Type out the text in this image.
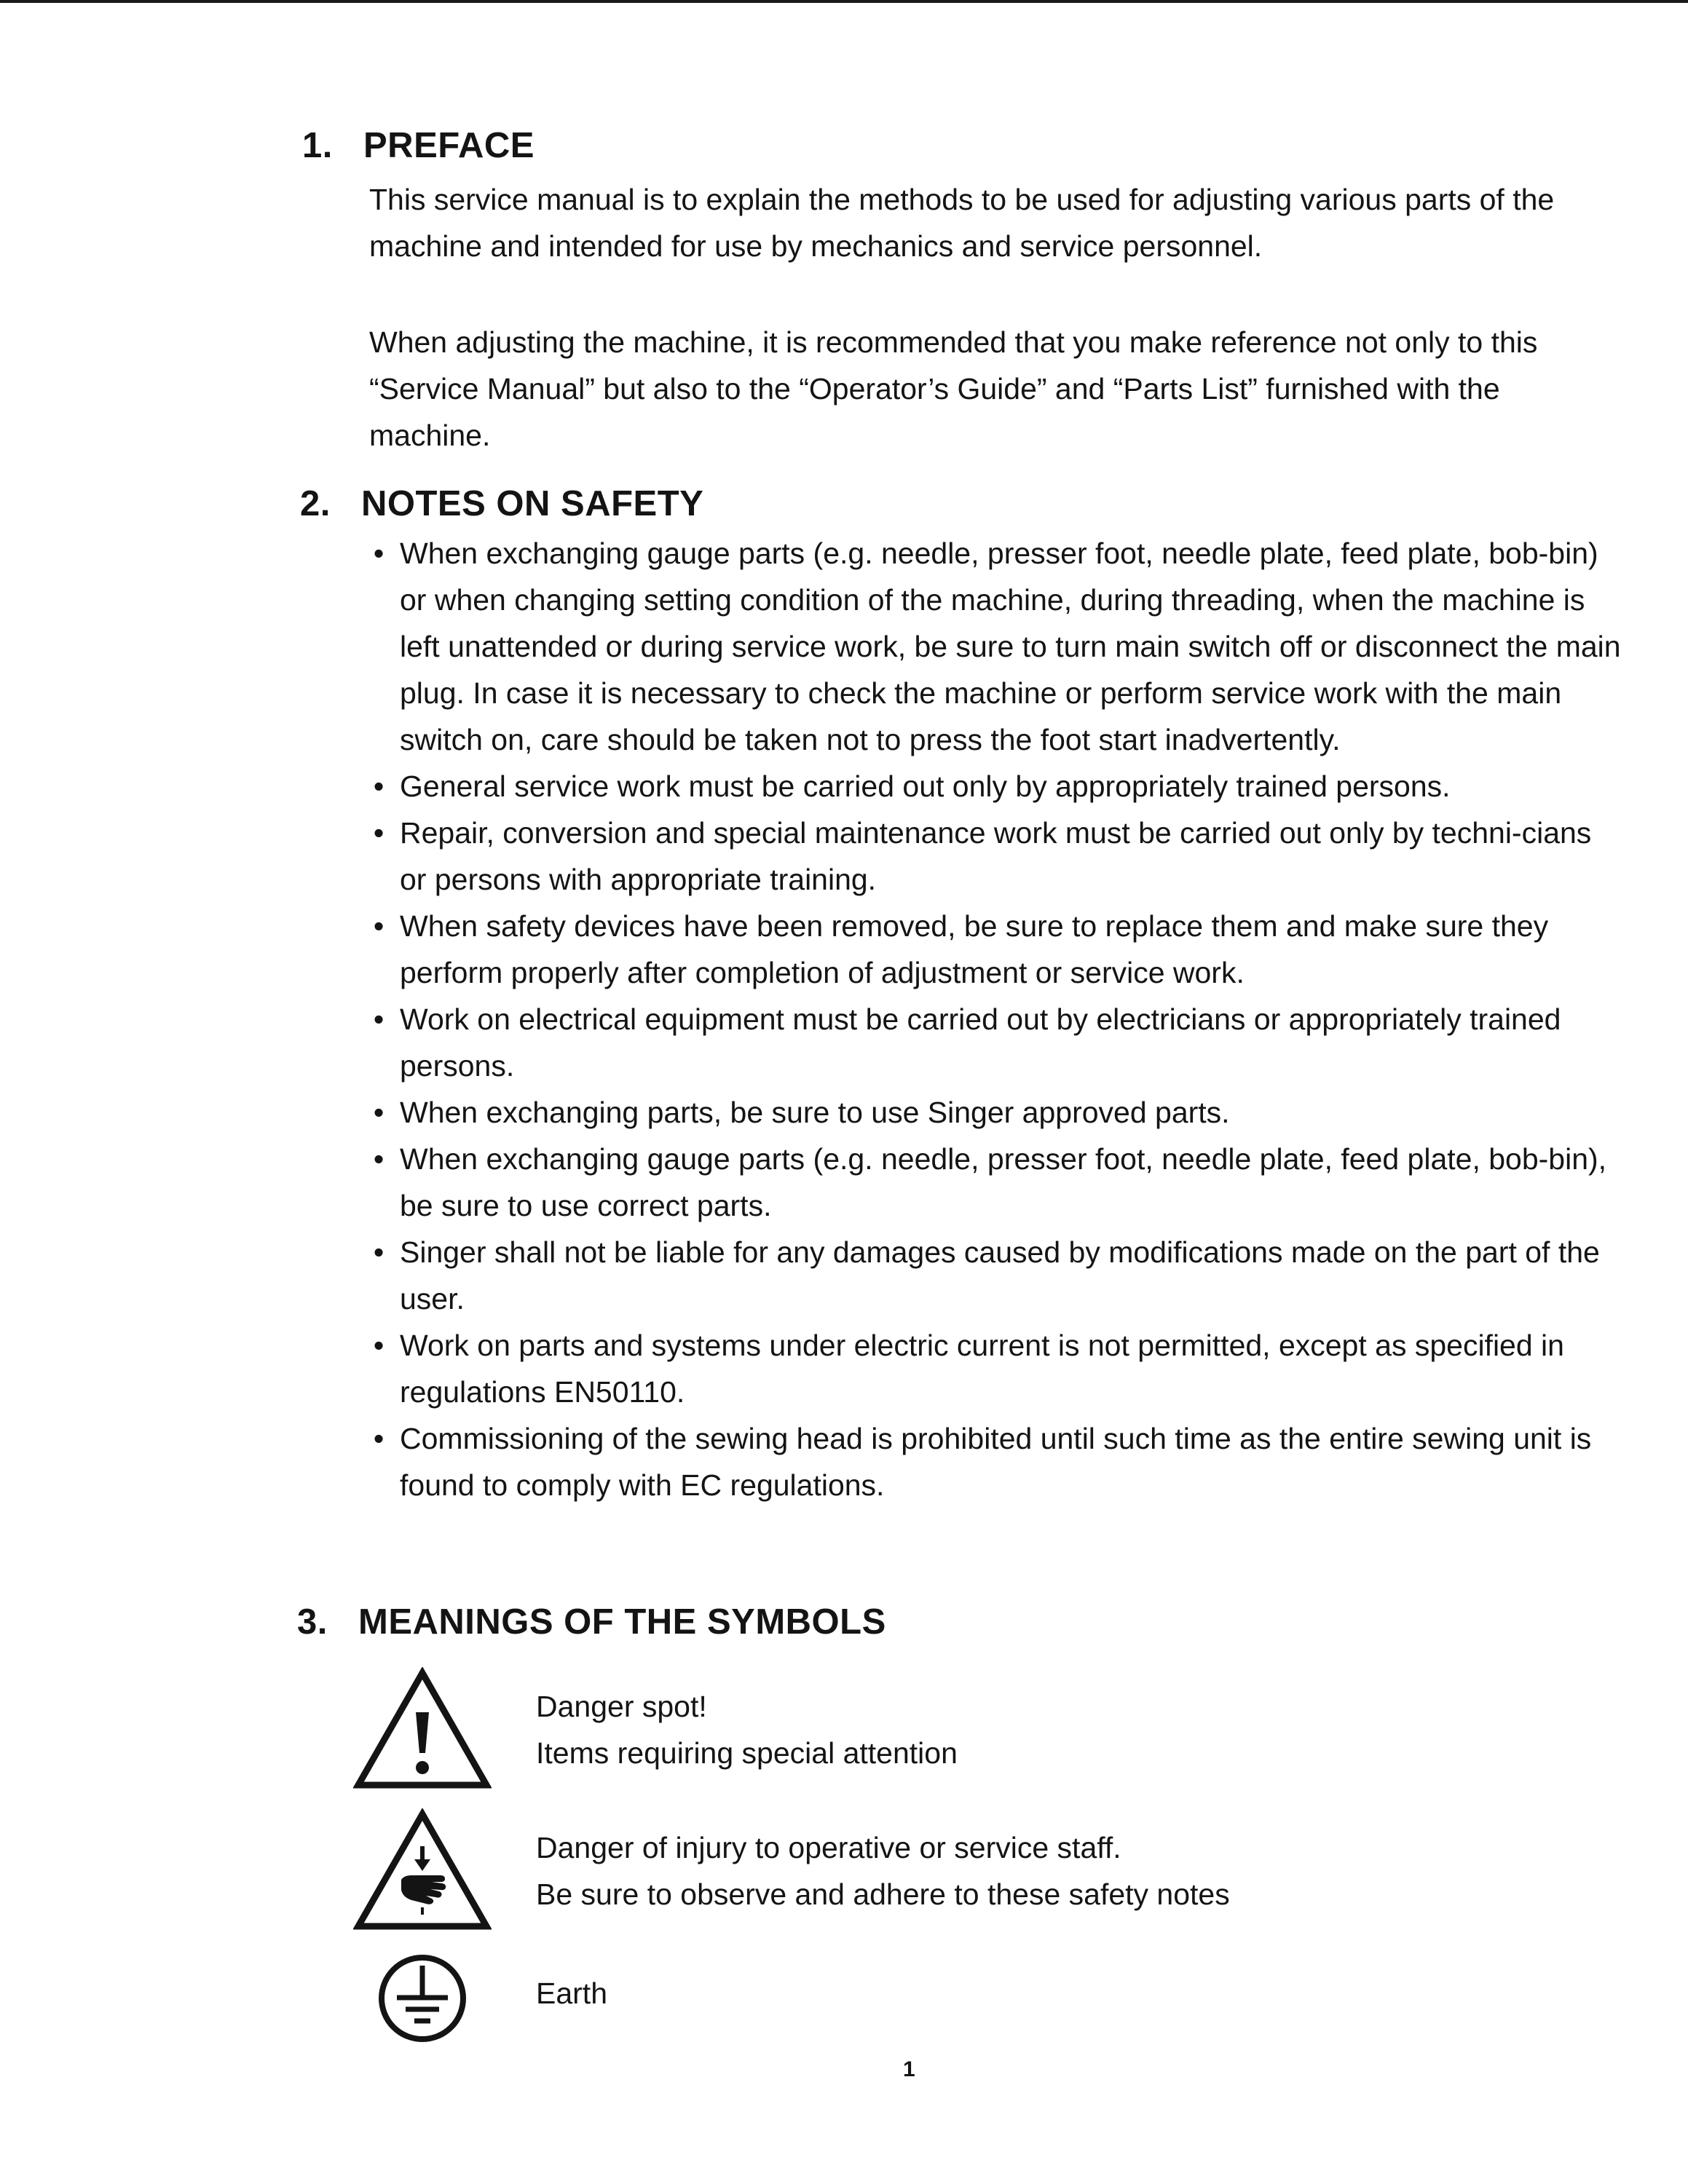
1. PREFACE

This service manual is to explain the methods to be used for adjusting various parts of the machine and intended for use by mechanics and service personnel.

When adjusting the machine, it is recommended that you make reference not only to this “Service Manual” but also to the “Operator’s Guide” and “Parts List” furnished with the machine.

2. NOTES ON SAFETY
• When exchanging gauge parts (e.g. needle, presser foot, needle plate, feed plate, bob-bin) or when changing setting condition of the machine, during threading, when the machine is left unattended or during service work, be sure to turn main switch off or disconnect the main plug. In case it is necessary to check the machine or perform service work with the main switch on, care should be taken not to press the foot start inadvertently.
• General service work must be carried out only by appropriately trained persons.
• Repair, conversion and special maintenance work must be carried out only by techni-cians or persons with appropriate training.
• When safety devices have been removed, be sure to replace them and make sure they perform properly after completion of adjustment or service work.
• Work on electrical equipment must be carried out by electricians or appropriately trained persons.
• When exchanging parts, be sure to use Singer approved parts.
• When exchanging gauge parts (e.g. needle, presser foot, needle plate, feed plate, bob-bin), be sure to use correct parts.
• Singer shall not be liable for any damages caused by modifications made on the part of the user.
• Work on parts and systems under electric current is not permitted, except as specified in regulations EN50110.
• Commissioning of the sewing head is prohibited until such time as the entire sewing unit is found to comply with EC regulations.
3. MEANINGS OF THE SYMBOLS
Danger spot!
Items requiring special attention
Danger of injury to operative or service staff.
Be sure to observe and adhere to these safety notes
Earth
1
